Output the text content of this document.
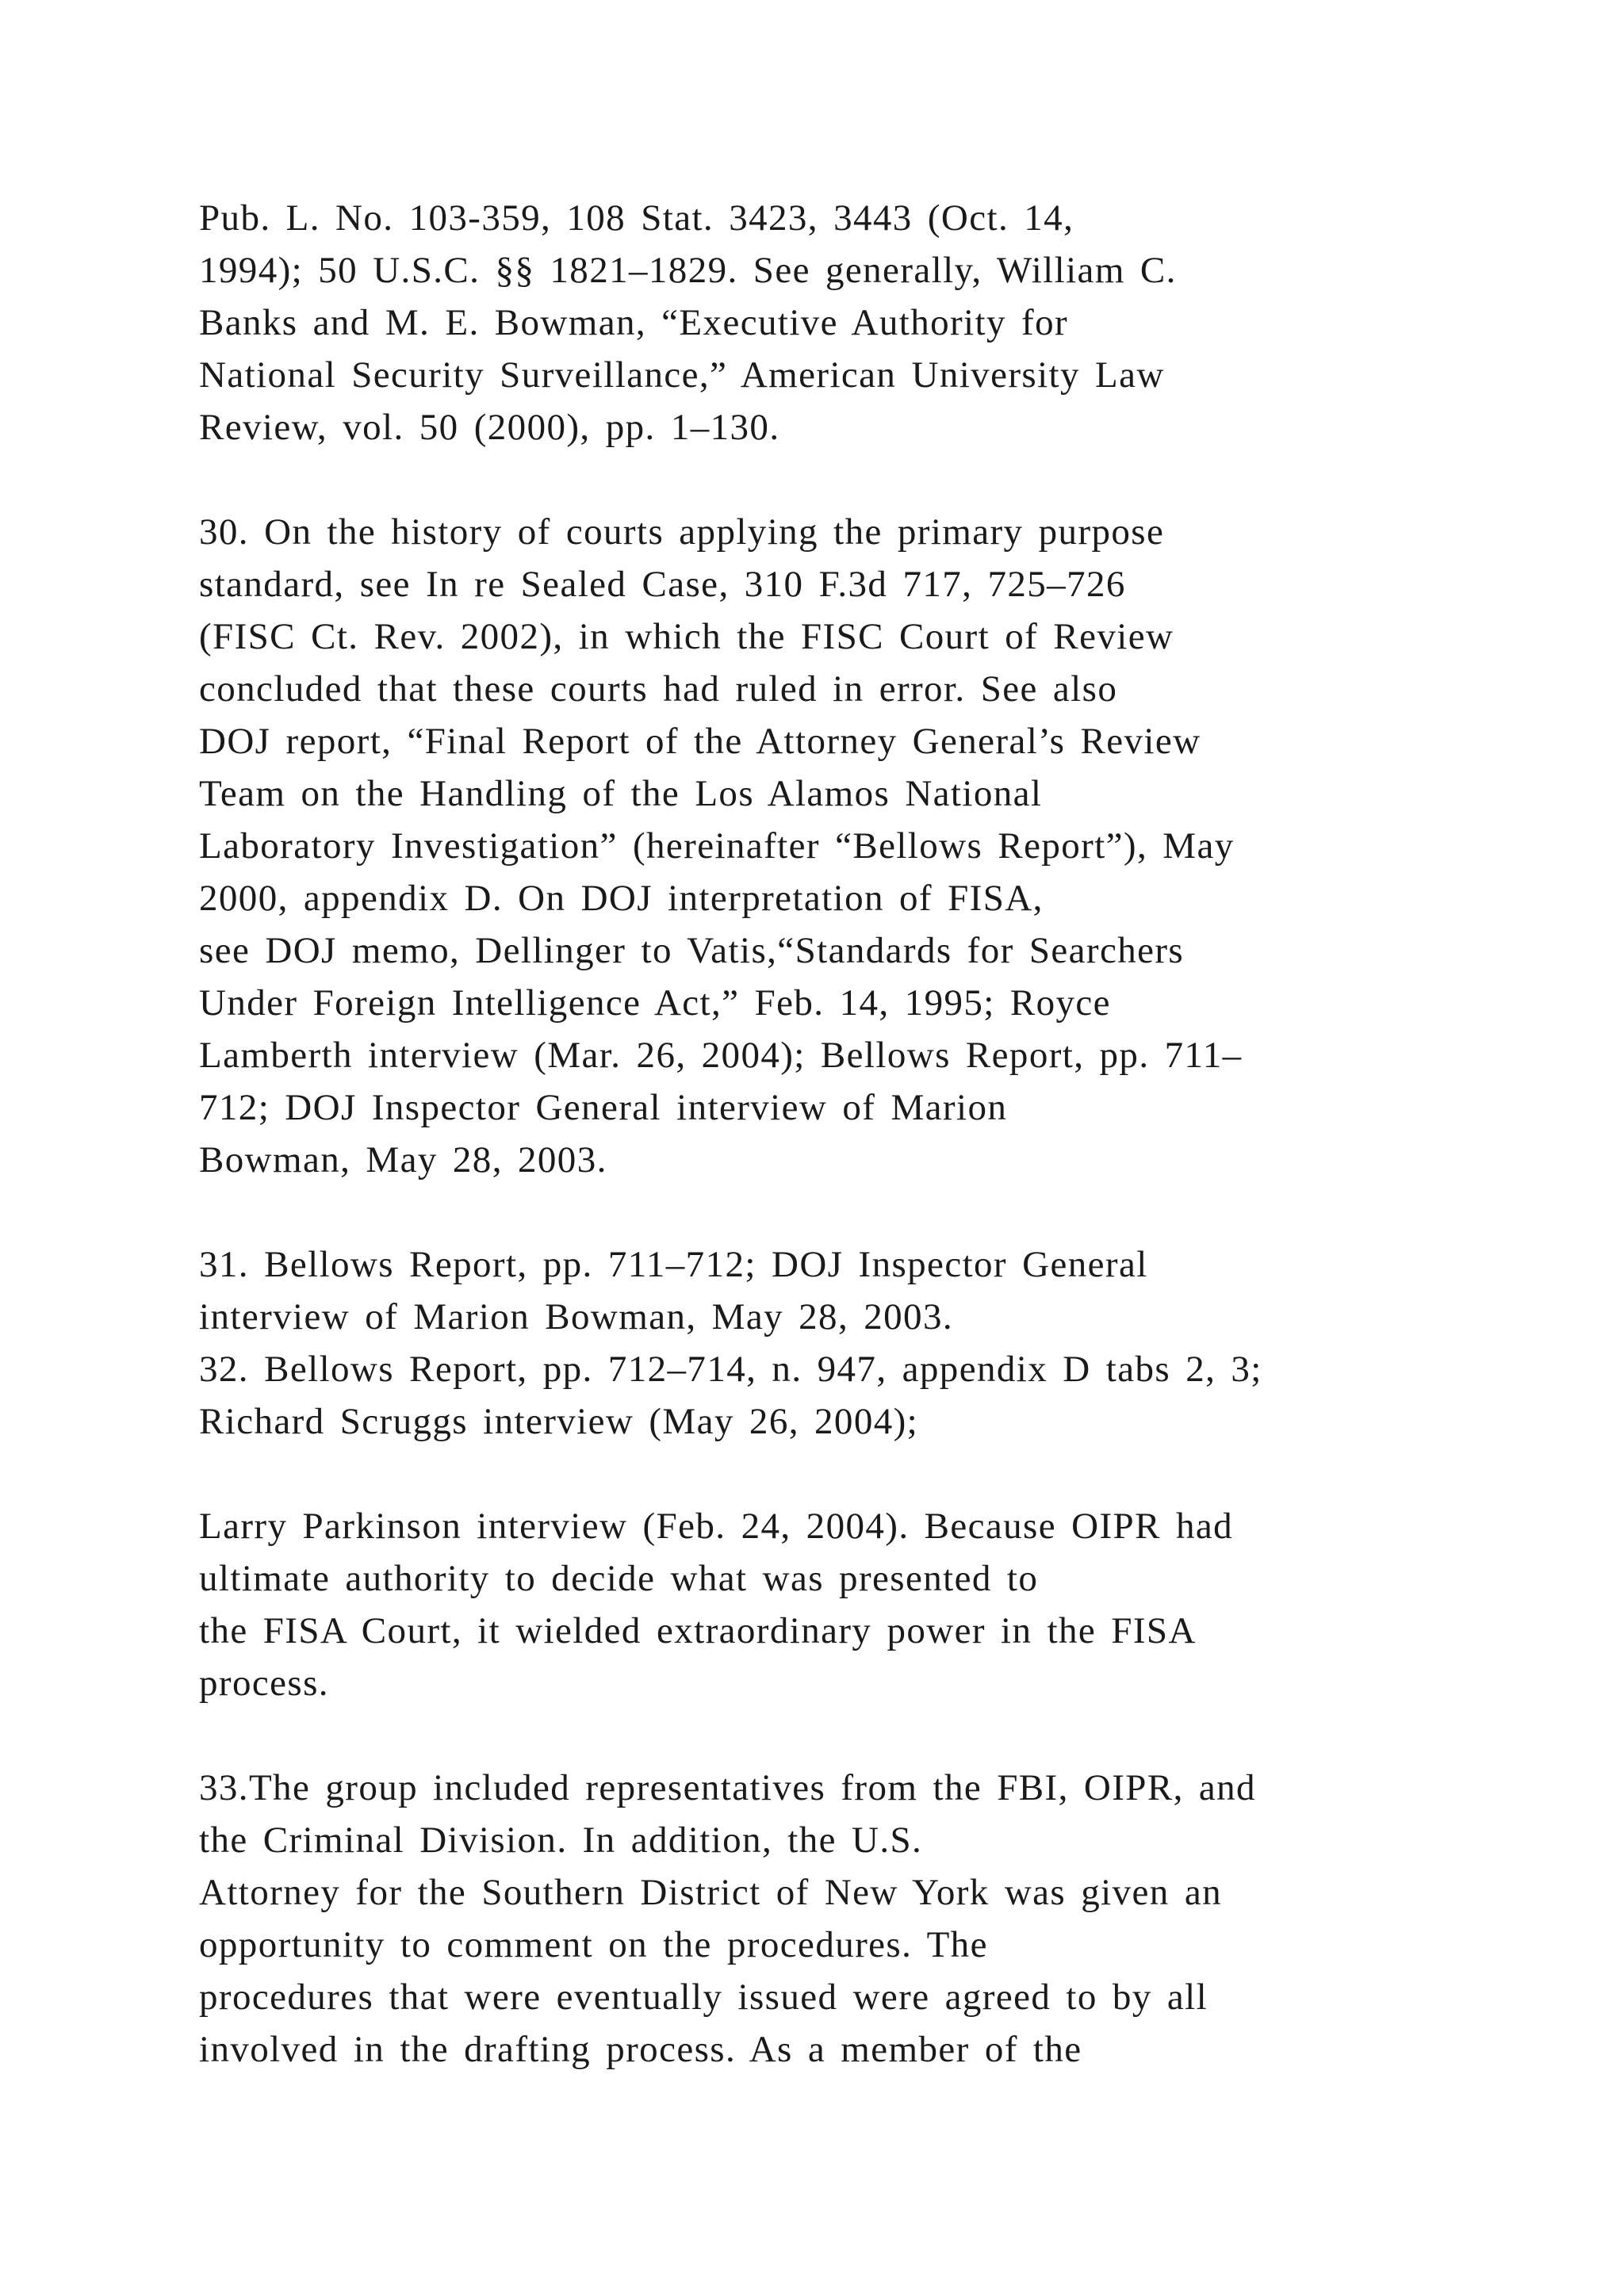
Pub. L. No. 103-359, 108 Stat. 3423, 3443 (Oct. 14,
1994); 50 U.S.C. §§ 1821–1829. See generally, William C.
Banks and M. E. Bowman, “Executive Authority for
National Security Surveillance,” American University Law
Review, vol. 50 (2000), pp. 1–130.
30. On the history of courts applying the primary purpose
standard, see In re Sealed Case, 310 F.3d 717, 725–726
(FISC Ct. Rev. 2002), in which the FISC Court of Review
concluded that these courts had ruled in error. See also
DOJ report, “Final Report of the Attorney General’s Review
Team on the Handling of the Los Alamos National
Laboratory Investigation” (hereinafter “Bellows Report”), May
2000, appendix D. On DOJ interpretation of FISA,
see DOJ memo, Dellinger to Vatis,“Standards for Searchers
Under Foreign Intelligence Act,” Feb. 14, 1995; Royce
Lamberth interview (Mar. 26, 2004); Bellows Report, pp. 711–
712; DOJ Inspector General interview of Marion
Bowman, May 28, 2003.
31. Bellows Report, pp. 711–712; DOJ Inspector General
interview of Marion Bowman, May 28, 2003.
32. Bellows Report, pp. 712–714, n. 947, appendix D tabs 2, 3;
Richard Scruggs interview (May 26, 2004);
Larry Parkinson interview (Feb. 24, 2004). Because OIPR had
ultimate authority to decide what was presented to
the FISA Court, it wielded extraordinary power in the FISA
process.
33.The group included representatives from the FBI, OIPR, and
the Criminal Division. In addition, the U.S.
Attorney for the Southern District of New York was given an
opportunity to comment on the procedures. The
procedures that were eventually issued were agreed to by all
involved in the drafting process. As a member of the
